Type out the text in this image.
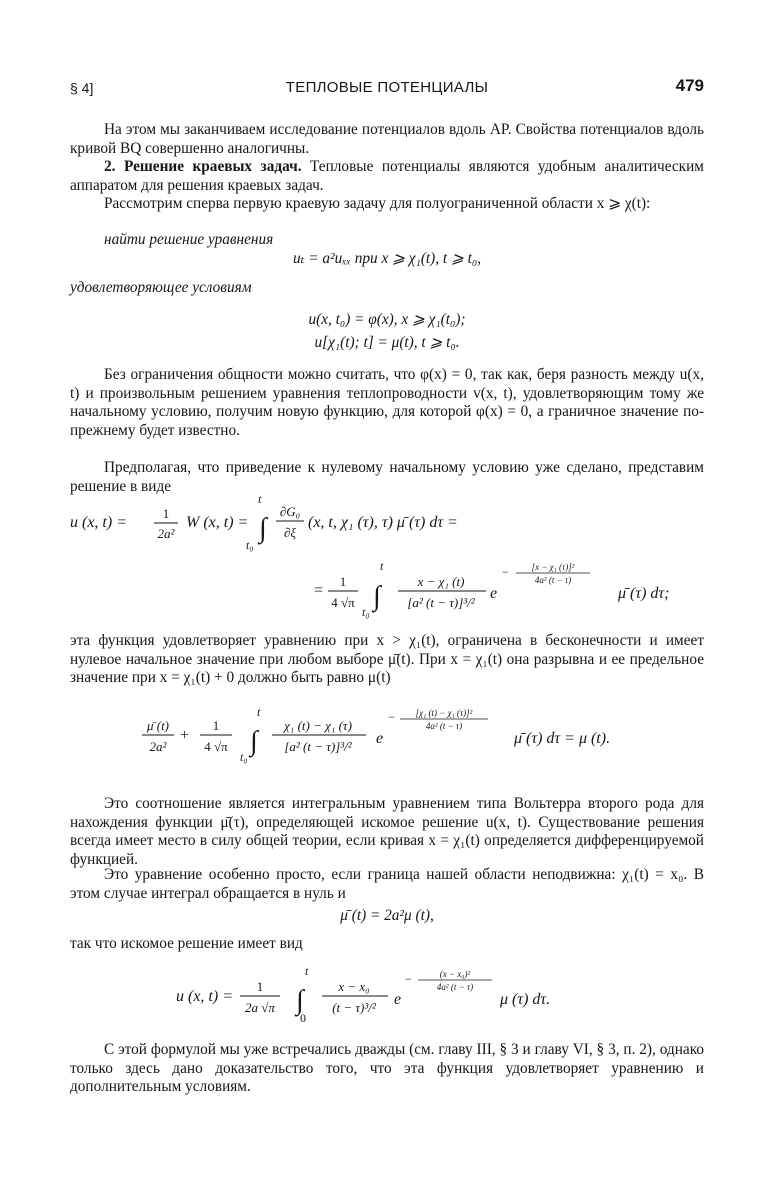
§ 4]	ТЕПЛОВЫЕ ПОТЕНЦИАЛЫ	479

На этом мы заканчиваем исследование потенциалов вдоль AP. Свойства потенциалов вдоль кривой BQ совершенно аналогичны.

2. Решение краевых задач. Тепловые потенциалы являются удобным аналитическим аппаратом для решения краевых задач.

Рассмотрим сперва первую краевую задачу для полуограниченной области x ⩾ χ(t):

найти решение уравнения

uₜ = a²uₓₓ при x ⩾ χ₁(t), t ⩾ t₀,

удовлетворяющее условиям

u(x, t₀) = φ(x), x ⩾ χ₁(t₀);
u[χ₁(t); t] = μ(t), t ⩾ t₀.

Без ограничения общности можно считать, что φ(x) = 0, так как, беря разность между u(x, t) и произвольным решением уравнения теплопроводности v(x, t), удовлетворяющим тому же начальному условию, получим новую функцию, для которой φ(x) = 0, а граничное значение по-прежнему будет известно.

Предполагая, что приведение к нулевому начальному условию уже сделано, представим решение в виде

u (x, t) =
1
2a²
W (x, t) =
t
∫
t₀
∂G₀
∂ξ
(x, t, χ₁ (τ), τ) μ̄ (τ) dτ =
=
1
4 √π
t
∫
t₀
x − χ₁ (t)
[a² (t − τ)]³/²
e
−	[x − χ₁ (τ)]²
4a² (t − τ)
μ̄ (τ) dτ;

эта функция удовлетворяет уравнению при x > χ₁(t), ограничена в бесконечности и имеет нулевое начальное значение при любом выборе μ̄(t). При x = χ₁(t) она разрывна и ее предельное значение при x = χ₁(t) + 0 должно быть равно μ(t)

μ̄ (t)
2a²
+
1
4 √π
t
∫
t₀
χ₁ (t) − χ₁ (τ)
[a² (t − τ)]³/² e
− [χ₁ (t) − χ₁ (τ)]²
4a² (t − τ)
μ̄ (τ) dτ = μ (t).

Это соотношение является интегральным уравнением типа Вольтерра второго рода для нахождения функции μ̄(τ), определяющей искомое решение u(x, t). Существование решения всегда имеет место в силу общей теории, если кривая x = χ₁(t) определяется дифференцируемой функцией.

Это уравнение особенно просто, если граница нашей области неподвижна: χ₁(t) = x₀. В этом случае интеграл обращается в нуль и

μ̄ (t) = 2a²μ (t),

так что искомое решение имеет вид

u (x, t) =
1
2a √π
t
∫
0
x − x₀
(t − τ)³/² e
−	(x − x₀)²
4a² (t − τ)
μ (τ) dτ.

С этой формулой мы уже встречались дважды (см. главу III, § 3 и главу VI, § 3, п. 2), однако только здесь дано доказательство того, что эта функция удовлетворяет уравнению и дополнительным условиям.
